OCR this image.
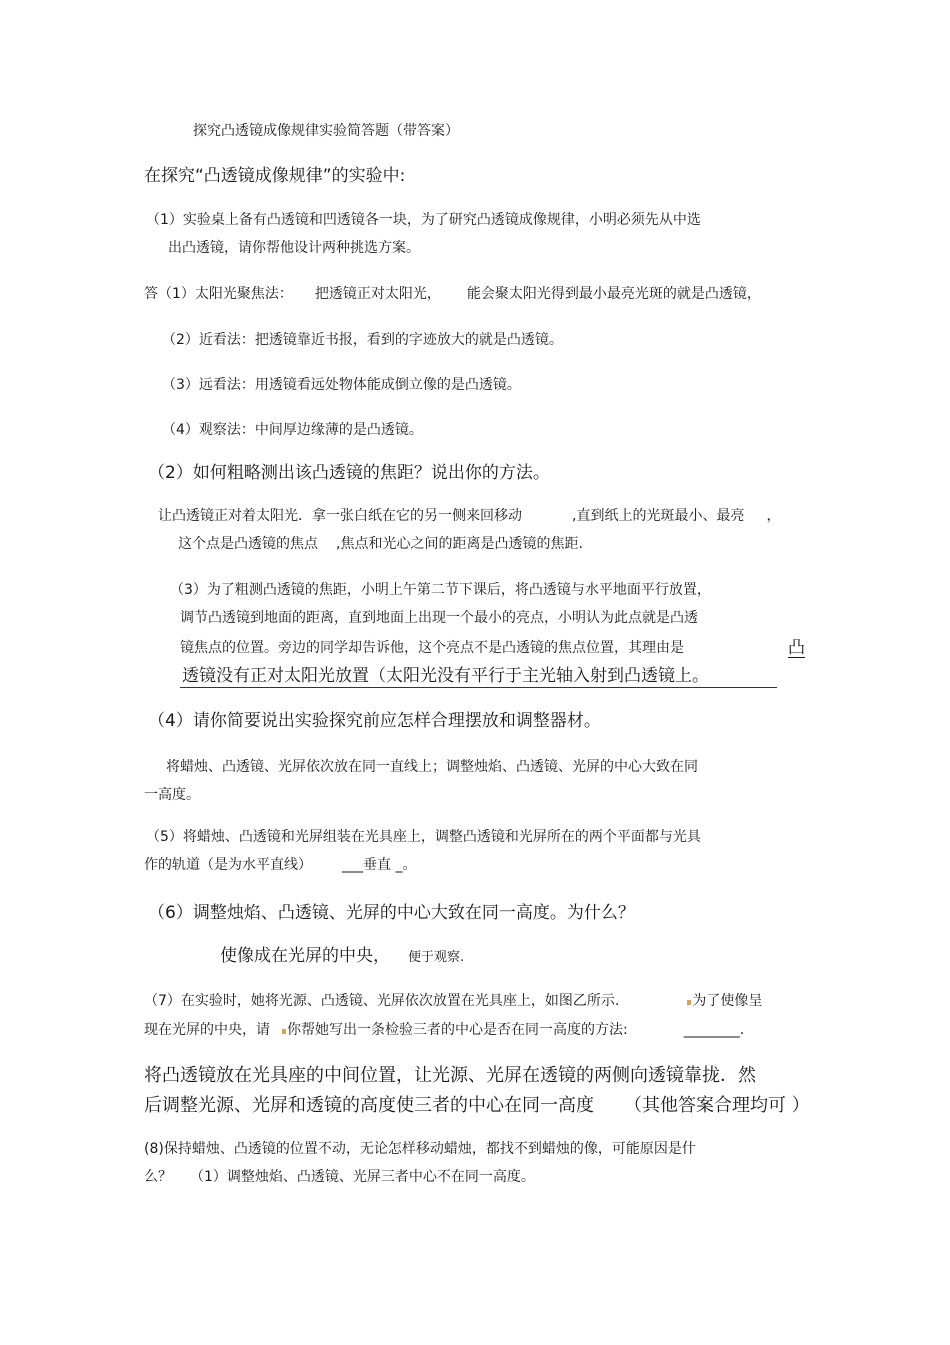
探究凸透镜成像规律实验简答题（带答案）
在探究“凸透镜成像规律”的实验中:
（1）实验桌上备有凸透镜和凹透镜各一块，为了研究凸透镜成像规律，小明必须先从中选
出凸透镜，请你帮他设计两种挑选方案。
答（1）太阳光聚焦法： 把透镜正对太阳光， 能会聚太阳光得到最小最亮光斑的就是凸透镜，
（2）近看法：把透镜靠近书报，看到的字迹放大的就是凸透镜。
（3）远看法：用透镜看远处物体能成倒立像的是凸透镜。
（4）观察法：中间厚边缘薄的是凸透镜。
（2）如何粗略测出该凸透镜的焦距？说出你的方法。
让凸透镜正对着太阳光．拿一张白纸在它的另一侧来回移动	,直到纸上的光斑最小、最亮 ，
这个点是凸透镜的焦点 ,焦点和光心之间的距离是凸透镜的焦距.
（3）为了粗测凸透镜的焦距，小明上午第二节下课后，将凸透镜与水平地面平行放置，
调节凸透镜到地面的距离，直到地面上出现一个最小的亮点，小明认为此点就是凸透
镜焦点的位置。旁边的同学却告诉他，这个亮点不是凸透镜的焦点位置，其理由是	凸
透镜没有正对太阳光放置（太阳光没有平行于主光轴入射到凸透镜上。
（4）请你简要说出实验探究前应怎样合理摆放和调整器材。
将蜡烛、凸透镜、光屏依次放在同一直线上；调整烛焰、凸透镜、光屏的中心大致在同
一高度。
（5）将蜡烛、凸透镜和光屏组装在光具座上，调整凸透镜和光屏所在的两个平面都与光具
作的轨道（是为水平直线） ___垂直 _。
（6）调整烛焰、凸透镜、光屏的中心大致在同一高度。为什么？
使像成在光屏的中央， 便于观察.
（7）在实验时，她将光源、凸透镜、光屏依次放置在光具座上，如图乙所示.	为了使像呈
现在光屏的中央，请 你帮她写出一条检验三者的中心是否在同一高度的方法:	________.
将凸透镜放在光具座的中间位置，让光源、光屏在透镜的两侧向透镜靠拢．然
后调整光源、光屏和透镜的高度使三者的中心在同一高度 （其他答案合理均可 ）
(8)保持蜡烛、凸透镜的位置不动，无论怎样移动蜡烛，都找不到蜡烛的像，可能原因是什
么？ （1）调整烛焰、凸透镜、光屏三者中心不在同一高度。
